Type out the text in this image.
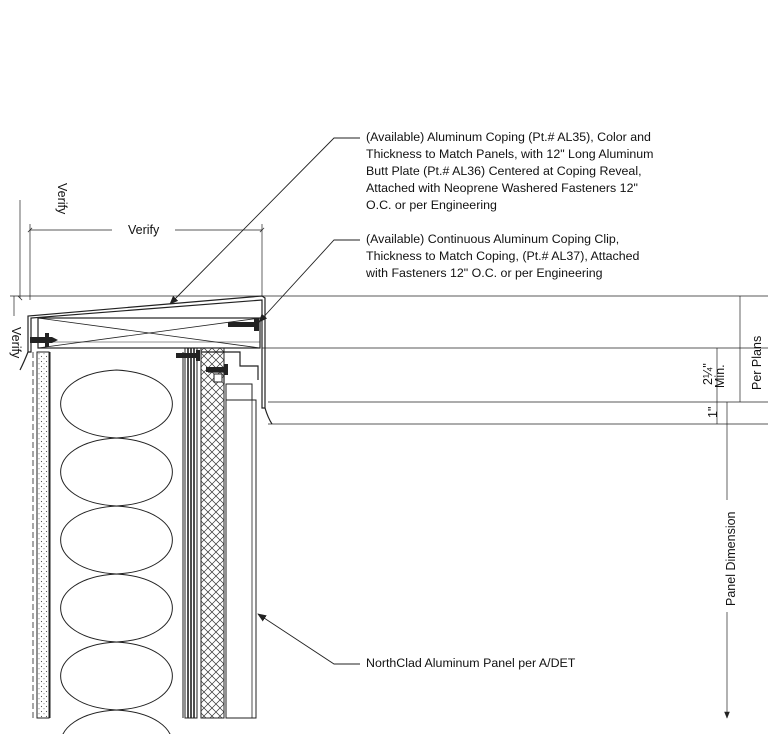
Verify
Verify
Verify	Per Plans
2¼"
Min.
1"
Panel Dimension
(Available) Aluminum Coping (Pt.# AL35), Color and
Thickness to Match Panels, with 12" Long Aluminum
Butt Plate (Pt.# AL36) Centered at Coping Reveal,
Attached with Neoprene Washered Fasteners 12"
O.C. or per Engineering
(Available) Continuous Aluminum Coping Clip,
Thickness to Match Coping, (Pt.# AL37), Attached
with Fasteners 12" O.C. or per Engineering
NorthClad Aluminum Panel per A/DET
